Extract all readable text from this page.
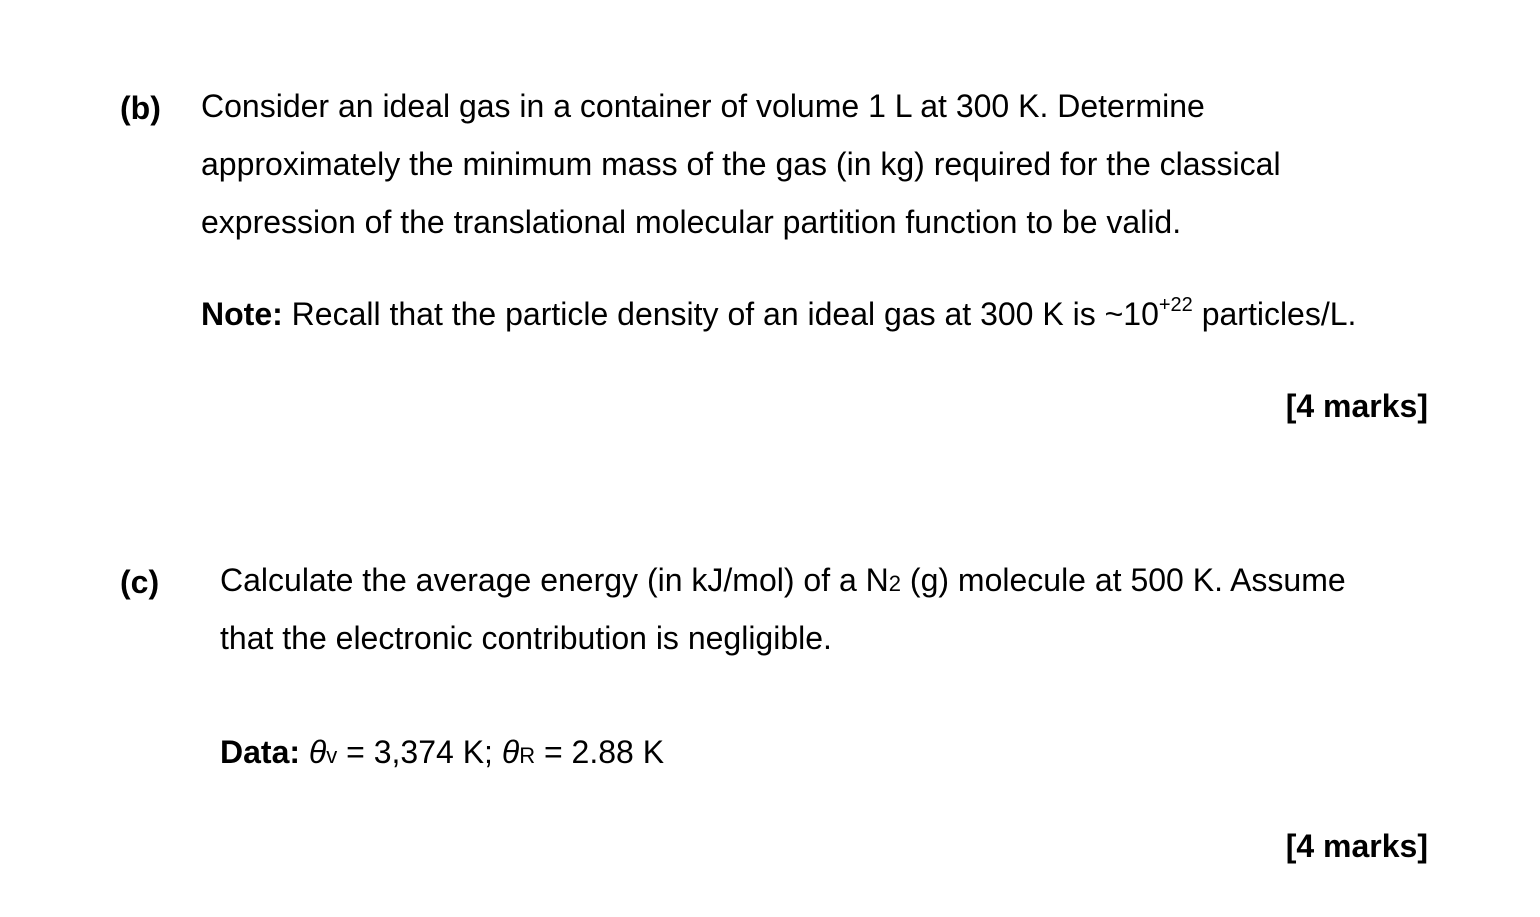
(b) Consider an ideal gas in a container of volume 1 L at 300 K. Determine
approximately the minimum mass of the gas (in kg) required for the classical
expression of the translational molecular partition function to be valid.
Note: Recall that the particle density of an ideal gas at 300 K is $\sim 10^{+22}$ particles/L.
[4 marks]
(c) Calculate the average energy (in kJ/mol) of a N2 (g) molecule at 500 K. Assume
that the electronic contribution is negligible.
Data: θv = 3,374 K; θR = 2.88 K
[4 marks]
